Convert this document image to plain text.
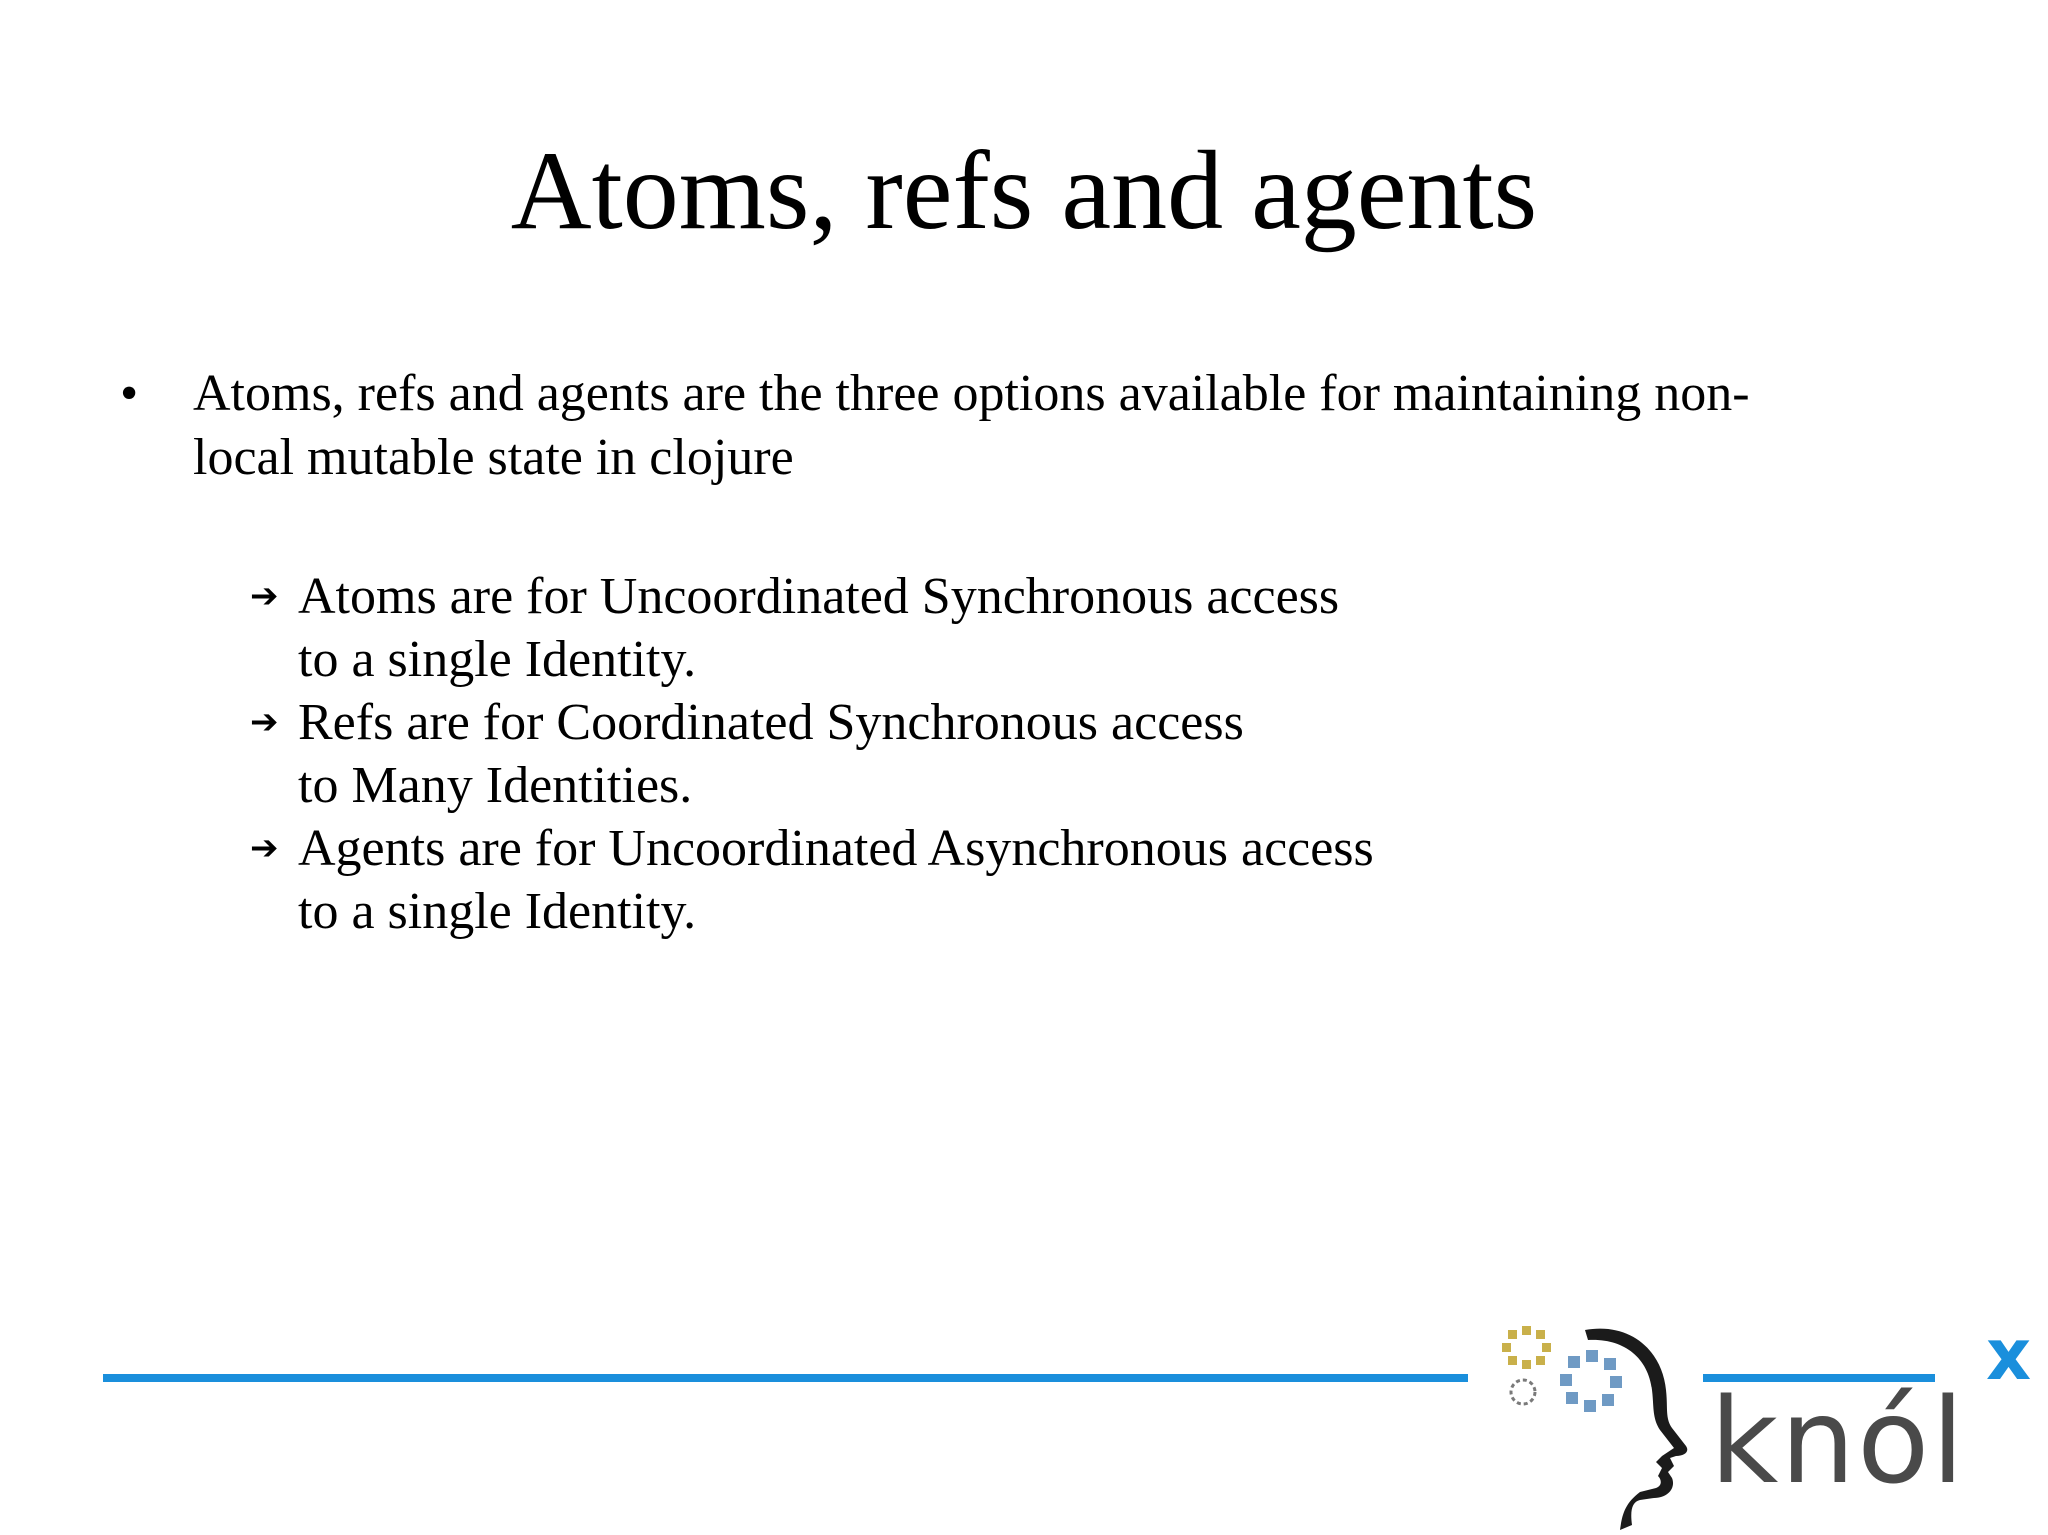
Atoms, refs and agents
•	Atoms, refs and agents are the three options available for maintaining non-
local mutable state in clojure
➔ Atoms are for Uncoordinated Synchronous access
to a single Identity.
➔ Refs are for Coordinated Synchronous access
to Many Identities.
➔ Agents are for Uncoordinated Asynchronous access
to a single Identity.
knól
x
